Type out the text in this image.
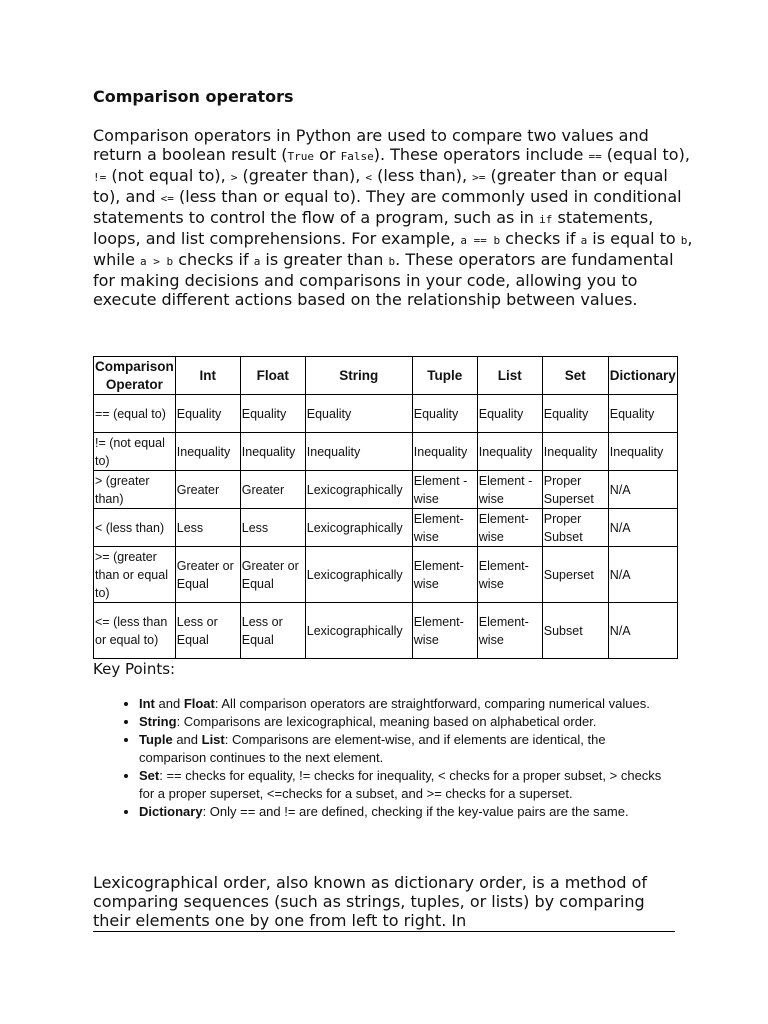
Comparison operators

Comparison operators in Python are used to compare two values and return a boolean result (True or False). These operators include == (equal to), != (not equal to), > (greater than), < (less than), >= (greater than or equal to), and <= (less than or equal to). They are commonly used in conditional statements to control the flow of a program, such as in if statements, loops, and list comprehensions. For example, a == b checks if a is equal to b, while a > b checks if a is greater than b. These operators are fundamental for making decisions and comparisons in your code, allowing you to execute different actions based on the relationship between values.

Comparison Operator	Int	Float	String	Tuple	List	Set	Dictionary
== (equal to)	Equality	Equality	Equality	Equality	Equality	Equality	Equality
!= (not equal to)	Inequality	Inequality	Inequality	Inequality	Inequality	Inequality	Inequality
> (greater than)	Greater	Greater	Lexicographically	Element - wise	Element - wise	Proper Superset	N/A
< (less than)	Less	Less	Lexicographically	Element-wise	Element-wise	Proper Subset	N/A
>= (greater than or equal to)	Greater or Equal	Greater or Equal	Lexicographically	Element-wise	Element-wise	Superset	N/A
<= (less than or equal to)	Less or Equal	Less or Equal	Lexicographically	Element-wise	Element-wise	Subset	N/A
Key Points:
• Int and Float: All comparison operators are straightforward, comparing numerical values.
• String: Comparisons are lexicographical, meaning based on alphabetical order.
• Tuple and List: Comparisons are element-wise, and if elements are identical, the comparison continues to the next element.
• Set: == checks for equality, != checks for inequality, < checks for a proper subset, > checks for a proper superset, <=checks for a subset, and >= checks for a superset.
• Dictionary: Only == and != are defined, checking if the key-value pairs are the same.

Lexicographical order, also known as dictionary order, is a method of comparing sequences (such as strings, tuples, or lists) by comparing their elements one by one from left to right. In
